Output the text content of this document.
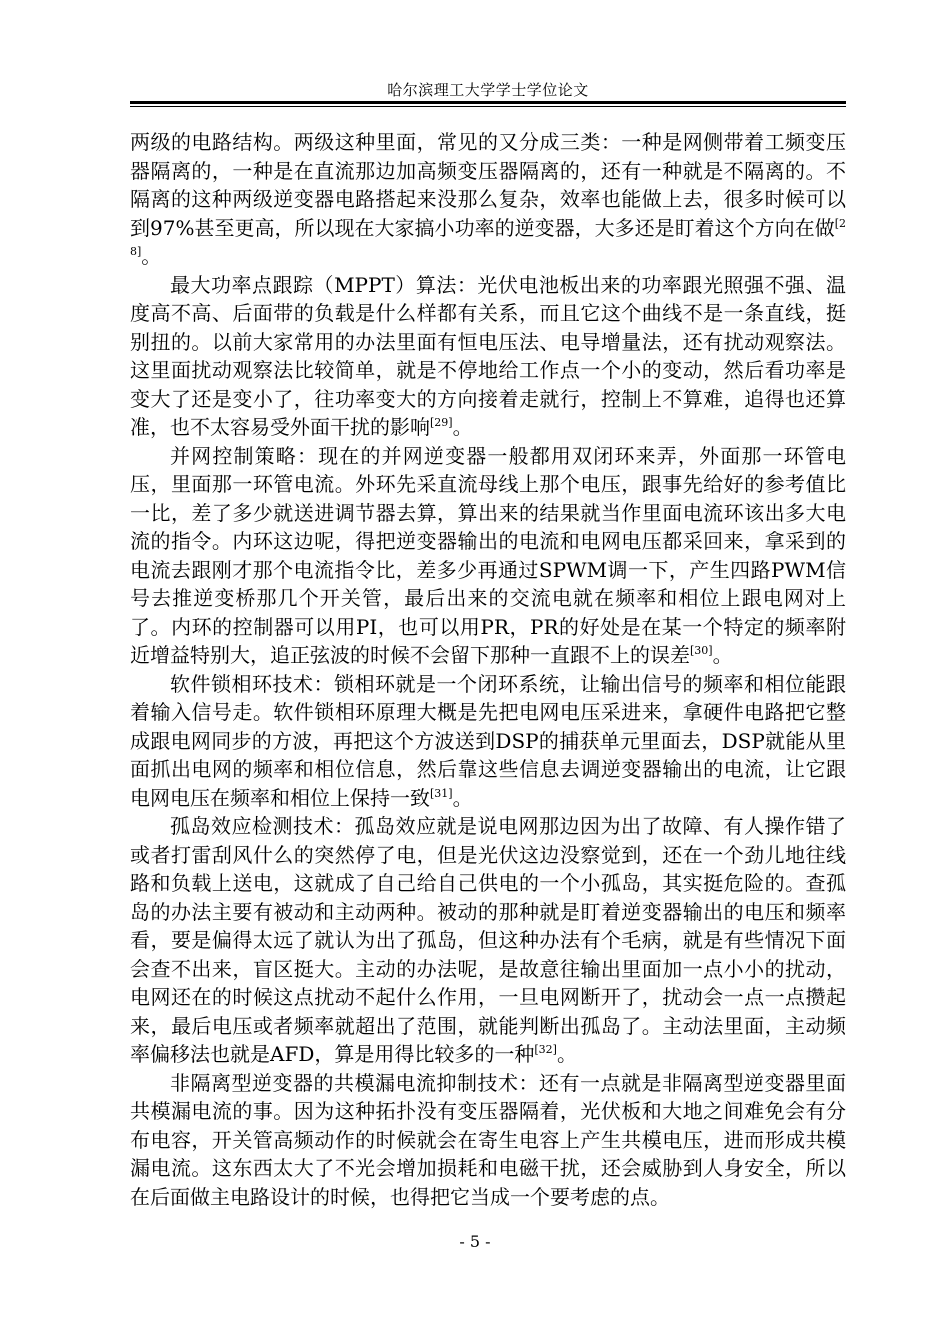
哈尔滨理工大学学士学位论文

两级的电路结构。两级这种里面，常见的又分成三类：一种是网侧带着工频变压器隔离的，一种是在直流那边加高频变压器隔离的，还有一种就是不隔离的。不隔离的这种两级逆变器电路搭起来没那么复杂，效率也能做上去，很多时候可以到97%甚至更高，所以现在大家搞小功率的逆变器，大多还是盯着这个方向在做[28]。

最大功率点跟踪（MPPT）算法：光伏电池板出来的功率跟光照强不强、温度高不高、后面带的负载是什么样都有关系，而且它这个曲线不是一条直线，挺别扭的。以前大家常用的办法里面有恒电压法、电导增量法，还有扰动观察法。这里面扰动观察法比较简单，就是不停地给工作点一个小的变动，然后看功率是变大了还是变小了，往功率变大的方向接着走就行，控制上不算难，追得也还算准，也不太容易受外面干扰的影响[29]。

并网控制策略：现在的并网逆变器一般都用双闭环来弄，外面那一环管电压，里面那一环管电流。外环先采直流母线上那个电压，跟事先给好的参考值比一比，差了多少就送进调节器去算，算出来的结果就当作里面电流环该出多大电流的指令。内环这边呢，得把逆变器输出的电流和电网电压都采回来，拿采到的电流去跟刚才那个电流指令比，差多少再通过SPWM调一下，产生四路PWM信号去推逆变桥那几个开关管，最后出来的交流电就在频率和相位上跟电网对上了。内环的控制器可以用PI，也可以用PR，PR的好处是在某一个特定的频率附近增益特别大，追正弦波的时候不会留下那种一直跟不上的误差[30]。

软件锁相环技术：锁相环就是一个闭环系统，让输出信号的频率和相位能跟着输入信号走。软件锁相环原理大概是先把电网电压采进来，拿硬件电路把它整成跟电网同步的方波，再把这个方波送到DSP的捕获单元里面去，DSP就能从里面抓出电网的频率和相位信息，然后靠这些信息去调逆变器输出的电流，让它跟电网电压在频率和相位上保持一致[31]。

孤岛效应检测技术：孤岛效应就是说电网那边因为出了故障、有人操作错了或者打雷刮风什么的突然停了电，但是光伏这边没察觉到，还在一个劲儿地往线路和负载上送电，这就成了自己给自己供电的一个小孤岛，其实挺危险的。查孤岛的办法主要有被动和主动两种。被动的那种就是盯着逆变器输出的电压和频率看，要是偏得太远了就认为出了孤岛，但这种办法有个毛病，就是有些情况下面会查不出来，盲区挺大。主动的办法呢，是故意往输出里面加一点小小的扰动，电网还在的时候这点扰动不起什么作用，一旦电网断开了，扰动会一点一点攒起来，最后电压或者频率就超出了范围，就能判断出孤岛了。主动法里面，主动频率偏移法也就是AFD，算是用得比较多的一种[32]。

非隔离型逆变器的共模漏电流抑制技术：还有一点就是非隔离型逆变器里面共模漏电流的事。因为这种拓扑没有变压器隔着，光伏板和大地之间难免会有分布电容，开关管高频动作的时候就会在寄生电容上产生共模电压，进而形成共模漏电流。这东西太大了不光会增加损耗和电磁干扰，还会威胁到人身安全，所以在后面做主电路设计的时候，也得把它当成一个要考虑的点。

- 5 -
